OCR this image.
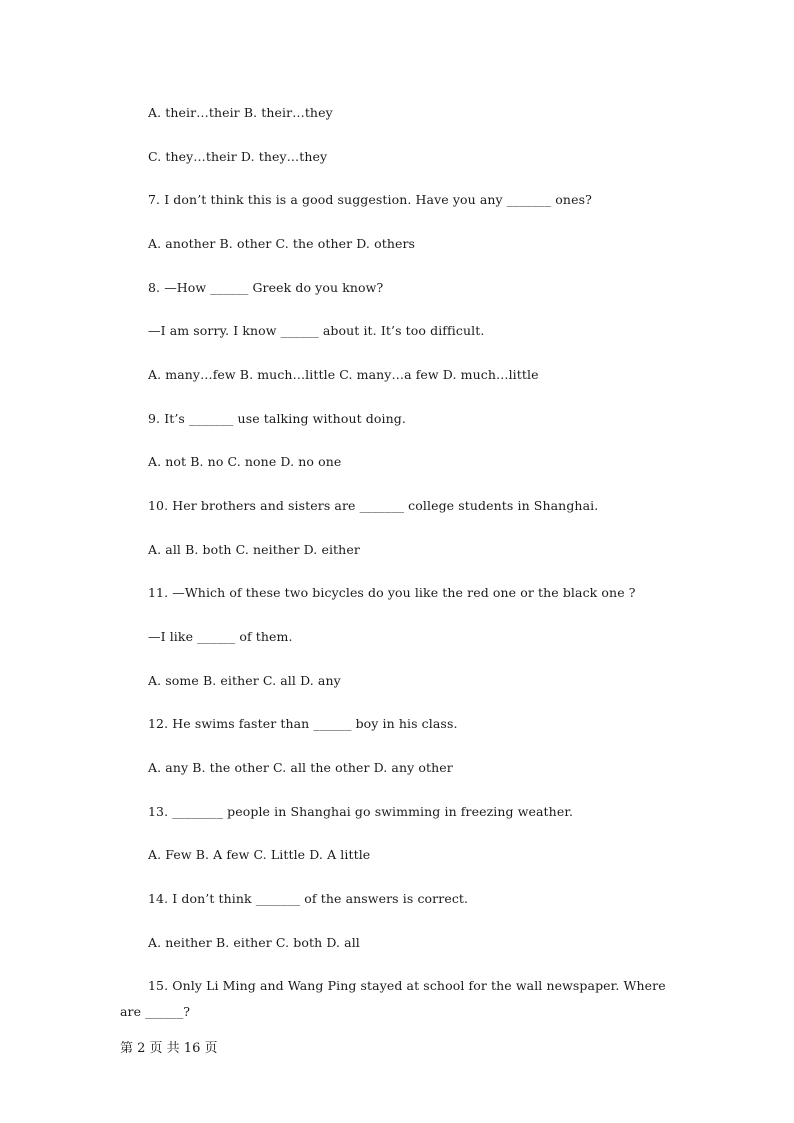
A. their…their B. their…they
C. they…their D. they…they
7. I don’t think this is a good suggestion. Have you any _______ ones?
A. another B. other C. the other D. others
8. —How ______ Greek do you know?
—I am sorry. I know ______ about it. It’s too difficult.
A. many…few B. much…little C. many…a few D. much…little
9. It’s _______ use talking without doing.
A. not B. no C. none D. no one
10. Her brothers and sisters are _______ college students in Shanghai.
A. all B. both C. neither D. either
11. —Which of these two bicycles do you like the red one or the black one ?
—I like ______ of them.
A. some B. either C. all D. any
12. He swims faster than ______ boy in his class.
A. any B. the other C. all the other D. any other
13. ________ people in Shanghai go swimming in freezing weather.
A. Few B. A few C. Little D. A little
14. I don’t think _______ of the answers is correct.
A. neither B. either C. both D. all
15. Only Li Ming and Wang Ping stayed at school for the wall newspaper. Where are ______?
第 2 页 共 16 页
